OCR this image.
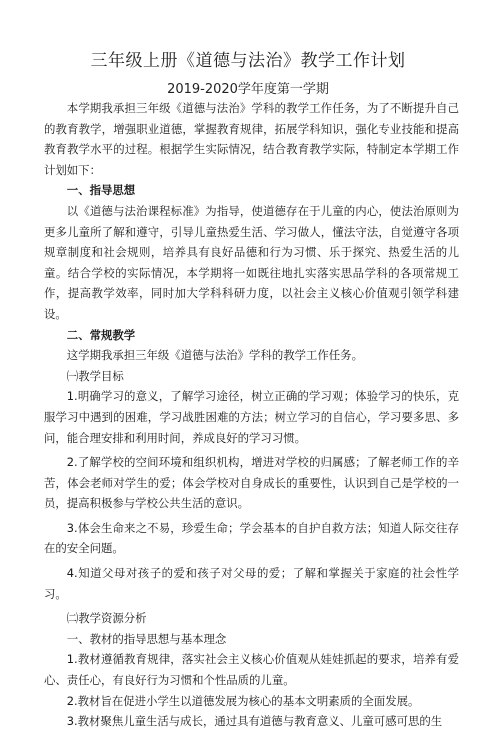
三年级上册《道德与法治》教学工作计划
2019-2020学年度第一学期

本学期我承担三年级《道德与法治》学科的教学工作任务，为了不断提升自己的教育教学，增强职业道德，掌握教育规律，拓展学科知识，强化专业技能和提高教育教学水平的过程。根据学生实际情况，结合教育教学实际，特制定本学期工作计划如下：

一、指导思想

以《道德与法治课程标准》为指导，使道德存在于儿童的内心，使法治原则为更多儿童所了解和遵守，引导儿童热爱生活、学习做人，懂法守法，自觉遵守各项规章制度和社会规则，培养具有良好品德和行为习惯、乐于探究、热爱生活的儿童。结合学校的实际情况，本学期将一如既往地扎实落实思品学科的各项常规工作，提高教学效率，同时加大学科科研力度，以社会主义核心价值观引领学科建设。

二、常规教学

这学期我承担三年级《道德与法治》学科的教学工作任务。

㈠教学目标

1.明确学习的意义，了解学习途径，树立正确的学习观；体验学习的快乐，克服学习中遇到的困难，学习战胜困难的方法；树立学习的自信心，学习要多思、多问，能合理安排和利用时间，养成良好的学习习惯。

2.了解学校的空间环境和组织机构，增进对学校的归属感；了解老师工作的辛苦，体会老师对学生的爱；体会学校对自身成长的重要性，认识到自己是学校的一员，提高积极参与学校公共生活的意识。

3.体会生命来之不易，珍爱生命；学会基本的自护自救方法；知道人际交往存在的安全问题。

4.知道父母对孩子的爱和孩子对父母的爱；了解和掌握关于家庭的社会性学习。

㈡教学资源分析

一、教材的指导思想与基本理念

1.教材遵循教育规律，落实社会主义核心价值观从娃娃抓起的要求，培养有爱心、责任心，有良好行为习惯和个性品质的儿童。

2.教材旨在促进小学生以道德发展为核心的基本文明素质的全面发展。

3.教材聚焦儿童生活与成长，通过具有道德与教育意义、儿童可感可思的生
